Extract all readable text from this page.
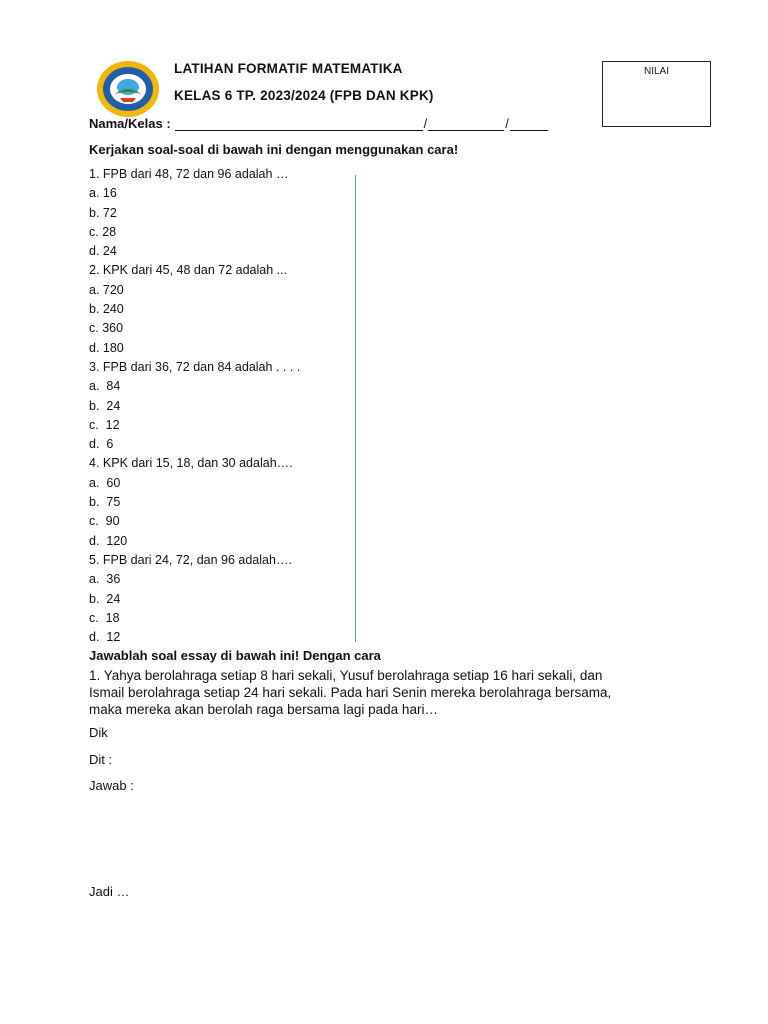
LATIHAN FORMATIF MATEMATIKA
KELAS 6 TP. 2023/2024 (FPB DAN KPK)
NILAI
Nama/Kelas :	/	/
Kerjakan soal-soal di bawah ini dengan menggunakan cara!
1. FPB dari 48, 72 dan 96 adalah …
a. 16
b. 72
c. 28
d. 24
2. KPK dari 45, 48 dan 72 adalah ...
a. 720
b. 240
c. 360
d. 180
3. FPB dari 36, 72 dan 84 adalah . . . .
a.  84
b.  24
c.  12
d.  6
4. KPK dari 15, 18, dan 30 adalah….
a.  60
b.  75
c.  90
d.  120
5. FPB dari 24, 72, dan 96 adalah….
a.  36
b.  24
c.  18
d.  12
Jawablah soal essay di bawah ini! Dengan cara
1. Yahya berolahraga setiap 8 hari sekali, Yusuf berolahraga setiap 16 hari sekali, dan
Ismail berolahraga setiap 24 hari sekali. Pada hari Senin mereka berolahraga bersama,
maka mereka akan berolah raga bersama lagi pada hari…
Dik
Dit :
Jawab :
Jadi …
